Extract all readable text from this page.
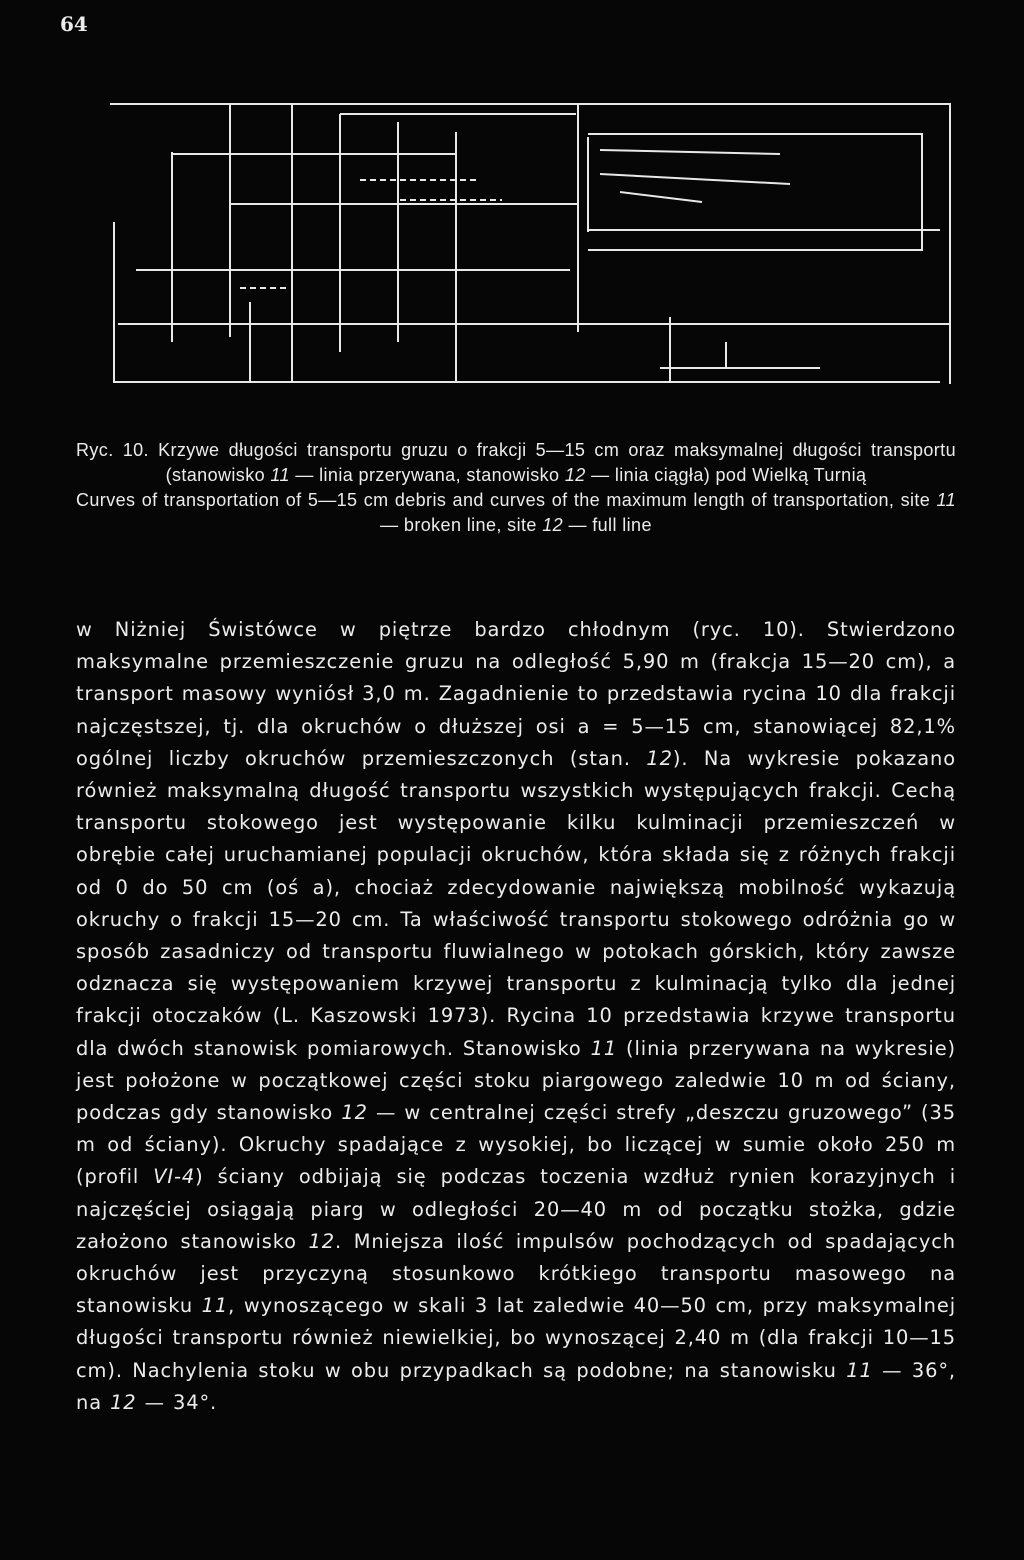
64

Ryc. 10. Krzywe długości transportu gruzu o frakcji 5—15 cm oraz maksymalnej długości transportu (stanowisko 11 — linia przerywana, stanowisko 12 — linia ciągła) pod Wielką Turnią

Curves of transportation of 5—15 cm debris and curves of the maximum length of transportation, site 11 — broken line, site 12 — full line

w Niżniej Świstówce w piętrze bardzo chłodnym (ryc. 10). Stwierdzono maksymalne przemieszczenie gruzu na odległość 5,90 m (frakcja 15—20 cm), a transport masowy wyniósł 3,0 m. Zagadnienie to przedstawia rycina 10 dla frakcji najczęstszej, tj. dla okruchów o dłuższej osi a = 5—15 cm, stanowiącej 82,1% ogólnej liczby okruchów przemieszczonych (stan. 12). Na wykresie pokazano również maksymalną długość transportu wszystkich występujących frakcji. Cechą transportu stokowego jest występowanie kilku kulminacji przemieszczeń w obrębie całej uruchamianej populacji okruchów, która składa się z różnych frakcji od 0 do 50 cm (oś a), chociaż zdecydowanie największą mobilność wykazują okruchy o frakcji 15—20 cm. Ta właściwość transportu stokowego odróżnia go w sposób zasadniczy od transportu fluwialnego w potokach górskich, który zawsze odznacza się występowaniem krzywej transportu z kulminacją tylko dla jednej frakcji otoczaków (L. Kaszowski 1973). Rycina 10 przedstawia krzywe transportu dla dwóch stanowisk pomiarowych. Stanowisko 11 (linia przerywana na wykresie) jest położone w początkowej części stoku piargowego zaledwie 10 m od ściany, podczas gdy stanowisko 12 — w centralnej części strefy „deszczu gruzowego” (35 m od ściany). Okruchy spadające z wysokiej, bo liczącej w sumie około 250 m (profil VI-4) ściany odbijają się podczas toczenia wzdłuż rynien korazyjnych i najczęściej osiągają piarg w odległości 20—40 m od początku stożka, gdzie założono stanowisko 12. Mniejsza ilość impulsów pochodzących od spadających okruchów jest przyczyną stosunkowo krótkiego transportu masowego na stanowisku 11, wynoszącego w skali 3 lat zaledwie 40—50 cm, przy maksymalnej długości transportu również niewielkiej, bo wynoszącej 2,40 m (dla frakcji 10—15 cm). Nachylenia stoku w obu przypadkach są podobne; na stanowisku 11 — 36°, na 12 — 34°.
